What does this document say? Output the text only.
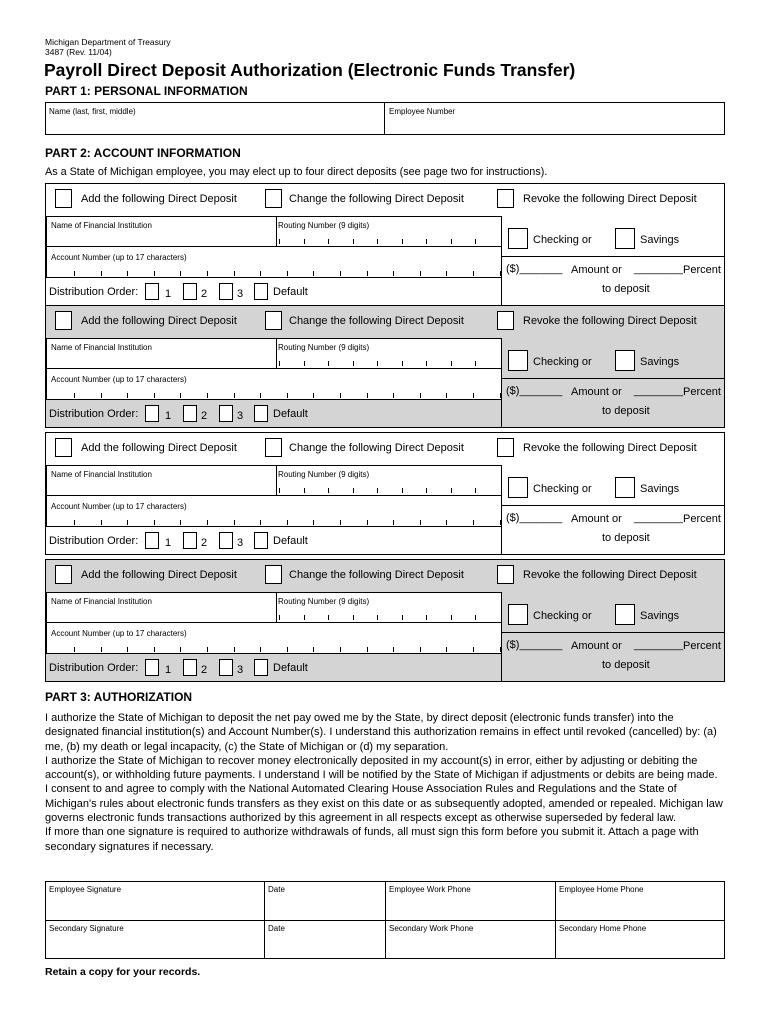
Michigan Department of Treasury
3487 (Rev. 11/04)
Payroll Direct Deposit Authorization (Electronic Funds Transfer)
PART 1: PERSONAL INFORMATION
Name (last, first, middle)	Employee Number
PART 2: ACCOUNT INFORMATION
As a State of Michigan employee, you may elect up to four direct deposits (see page two for instructions).
Add the following Direct Deposit	Change the following Direct Deposit	Revoke the following Direct Deposit
Name of Financial Institution	Routing Number (9 digits)
Account Number (up to 17 characters)
Checking or	Savings
($)_______ Amount or ________ Percent
to deposit
Distribution Order: 1	2	3	Default
Add the following Direct Deposit	Change the following Direct Deposit	Revoke the following Direct Deposit
Name of Financial Institution	Routing Number (9 digits)
Account Number (up to 17 characters)
Checking or	Savings
($)_______ Amount or ________ Percent
to deposit
Distribution Order: 1	2	3	Default
Add the following Direct Deposit	Change the following Direct Deposit	Revoke the following Direct Deposit
Name of Financial Institution	Routing Number (9 digits)
Account Number (up to 17 characters)
Checking or	Savings
($)_______ Amount or ________ Percent
to deposit
Distribution Order: 1	2	3	Default
Add the following Direct Deposit	Change the following Direct Deposit	Revoke the following Direct Deposit
Name of Financial Institution	Routing Number (9 digits)
Account Number (up to 17 characters)
Checking or	Savings
($)_______ Amount or ________ Percent
to deposit
Distribution Order: 1	2	3	Default
PART 3: AUTHORIZATION

I authorize the State of Michigan to deposit the net pay owed me by the State, by direct deposit (electronic funds transfer) into the designated financial institution(s) and Account Number(s). I understand this authorization remains in effect until revoked (cancelled) by: (a) me, (b) my death or legal incapacity, (c) the State of Michigan or (d) my separation.

I authorize the State of Michigan to recover money electronically deposited in my account(s) in error, either by adjusting or debiting the account(s), or withholding future payments. I understand I will be notified by the State of Michigan if adjustments or debits are being made.

I consent to and agree to comply with the National Automated Clearing House Association Rules and Regulations and the State of Michigan's rules about electronic funds transfers as they exist on this date or as subsequently adopted, amended or repealed. Michigan law governs electronic funds transactions authorized by this agreement in all respects except as otherwise superseded by federal law.

If more than one signature is required to authorize withdrawals of funds, all must sign this form before you submit it. Attach a page with secondary signatures if necessary.

Employee Signature	Date	Employee Work Phone	Employee Home Phone
Secondary Signature	Date	Secondary Work Phone	Secondary Home Phone
Retain a copy for your records.
